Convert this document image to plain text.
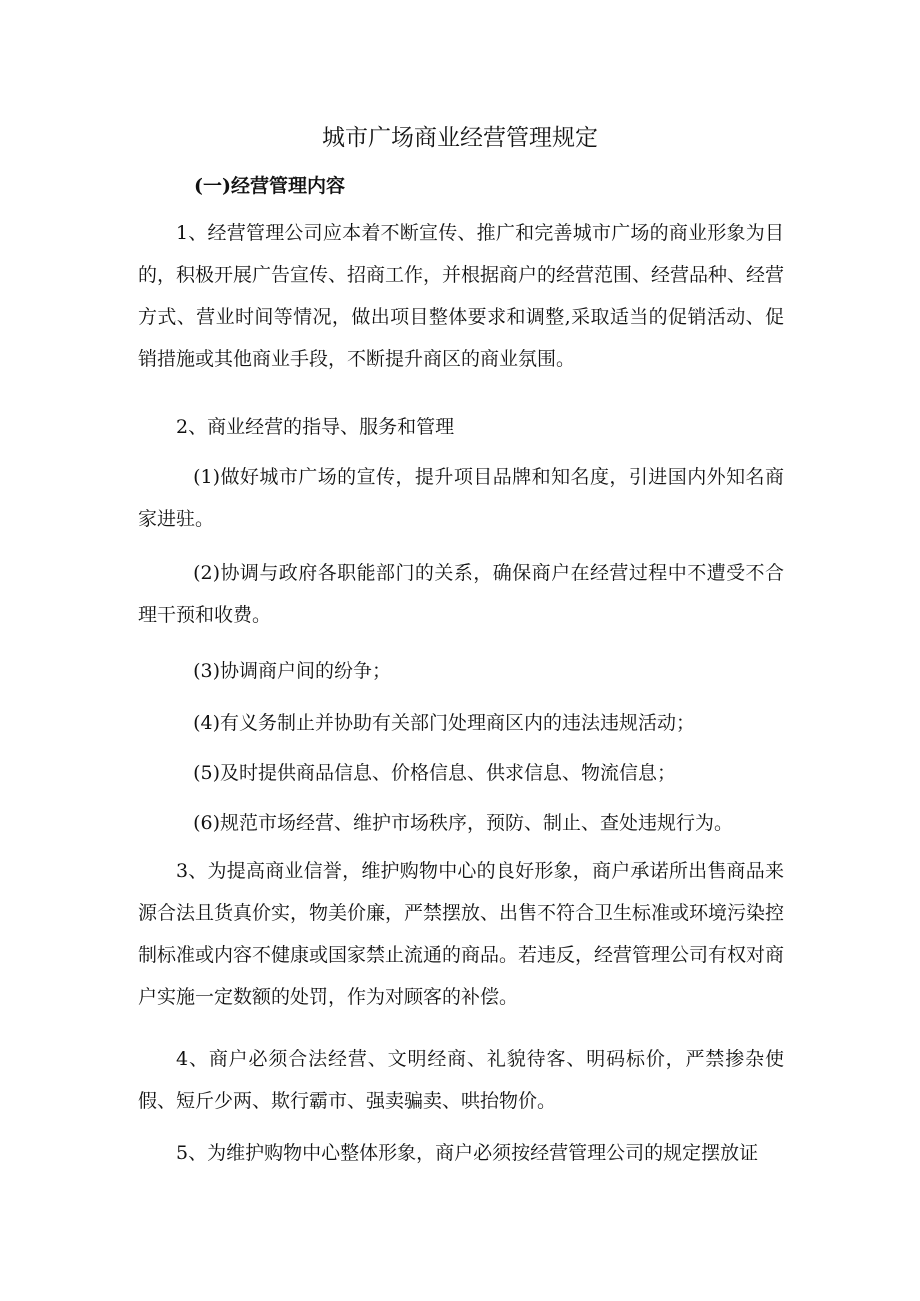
城市广场商业经营管理规定
(一)经营管理内容

1、经营管理公司应本着不断宣传、推广和完善城市广场的商业形象为目的，积极开展广告宣传、招商工作，并根据商户的经营范围、经营品种、经营方式、营业时间等情况，做出项目整体要求和调整,采取适当的促销活动、促销措施或其他商业手段，不断提升商区的商业氛围。

2、商业经营的指导、服务和管理

(1)做好城市广场的宣传，提升项目品牌和知名度，引进国内外知名商家进驻。

(2)协调与政府各职能部门的关系，确保商户在经营过程中不遭受不合理干预和收费。

(3)协调商户间的纷争；

(4)有义务制止并协助有关部门处理商区内的违法违规活动；

(5)及时提供商品信息、价格信息、供求信息、物流信息；

(6)规范市场经营、维护市场秩序，预防、制止、查处违规行为。

3、为提高商业信誉，维护购物中心的良好形象，商户承诺所出售商品来源合法且货真价实，物美价廉，严禁摆放、出售不符合卫生标准或环境污染控制标准或内容不健康或国家禁止流通的商品。若违反，经营管理公司有权对商户实施一定数额的处罚，作为对顾客的补偿。

4、商户必须合法经营、文明经商、礼貌待客、明码标价，严禁掺杂使假、短斤少两、欺行霸市、强卖骗卖、哄抬物价。

5、为维护购物中心整体形象，商户必须按经营管理公司的规定摆放证
